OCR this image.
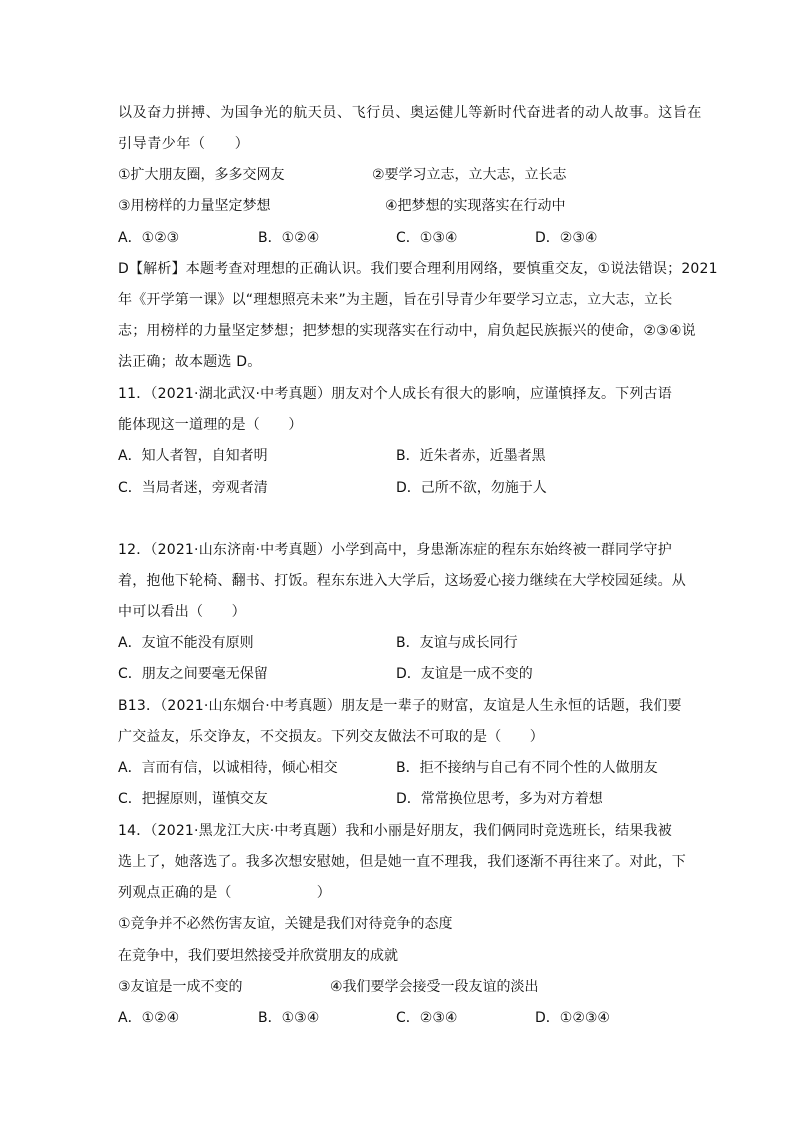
以及奋力拼搏、为国争光的航天员、飞行员、奥运健儿等新时代奋进者的动人故事。这旨在
引导青少年（　　）
①扩大朋友圈，多多交网友	②要学习立志，立大志，立长志
③用榜样的力量坚定梦想	④把梦想的实现落实在行动中
A．①②③	B．①②④	C．①③④	D．②③④
D【解析】本题考查对理想的正确认识。我们要合理利用网络，要慎重交友，①说法错误；2021
年《开学第一课》以“理想照亮未来”为主题，旨在引导青少年要学习立志，立大志，立长
志；用榜样的力量坚定梦想；把梦想的实现落实在行动中，肩负起民族振兴的使命，②③④说
法正确；故本题选 D。
11．（2021·湖北武汉·中考真题）朋友对个人成长有很大的影响，应谨慎择友。下列古语
能体现这一道理的是（　　）
A．知人者智，自知者明	B．近朱者赤，近墨者黑
C．当局者迷，旁观者清	D．己所不欲，勿施于人
12．（2021·山东济南·中考真题）小学到高中，身患渐冻症的程东东始终被一群同学守护
着，抱他下轮椅、翻书、打饭。程东东进入大学后，这场爱心接力继续在大学校园延续。从
中可以看出（　　）
A．友谊不能没有原则	B．友谊与成长同行
C．朋友之间要毫无保留	D．友谊是一成不变的
B13．（2021·山东烟台·中考真题）朋友是一辈子的财富，友谊是人生永恒的话题，我们要
广交益友，乐交诤友，不交损友。下列交友做法不可取的是（　　）
A．言而有信，以诚相待，倾心相交	B．拒不接纳与自己有不同个性的人做朋友
C．把握原则，谨慎交友	D．常常换位思考，多为对方着想
14．（2021·黑龙江大庆·中考真题）我和小丽是好朋友，我们俩同时竞选班长，结果我被
选上了，她落选了。我多次想安慰她，但是她一直不理我，我们逐渐不再往来了。对此，下
列观点正确的是（　　　　　　）
①竞争并不必然伤害友谊，关键是我们对待竞争的态度
在竞争中，我们要坦然接受并欣赏朋友的成就
③友谊是一成不变的	④我们要学会接受一段友谊的淡出
A．①②④	B．①③④	C．②③④	D．①②③④
